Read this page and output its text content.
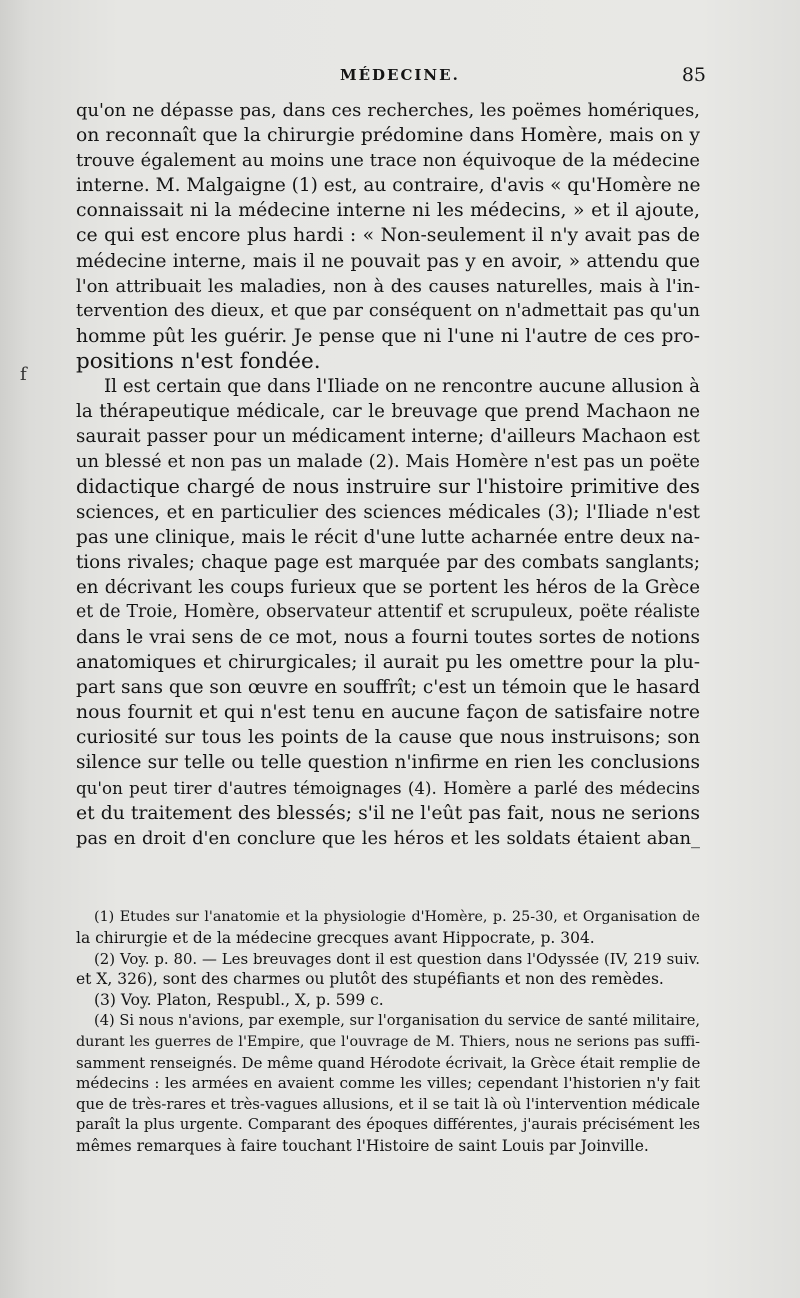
MÉDECINE.	85
f
qu'on ne dépasse pas, dans ces recherches, les poëmes homériques,
on reconnaît que la chirurgie prédomine dans Homère, mais on y
trouve également au moins une trace non équivoque de la médecine
interne. M. Malgaigne (1) est, au contraire, d'avis « qu'Homère ne
connaissait ni la médecine interne ni les médecins, » et il ajoute,
ce qui est encore plus hardi : « Non-seulement il n'y avait pas de
médecine interne, mais il ne pouvait pas y en avoir, » attendu que
l'on attribuait les maladies, non à des causes naturelles, mais à l'in-
tervention des dieux, et que par conséquent on n'admettait pas qu'un
homme pût les guérir. Je pense que ni l'une ni l'autre de ces pro-
positions n'est fondée.
Il est certain que dans l'Iliade on ne rencontre aucune allusion à
la thérapeutique médicale, car le breuvage que prend Machaon ne
saurait passer pour un médicament interne; d'ailleurs Machaon est
un blessé et non pas un malade (2). Mais Homère n'est pas un poëte
didactique chargé de nous instruire sur l'histoire primitive des
sciences, et en particulier des sciences médicales (3); l'Iliade n'est
pas une clinique, mais le récit d'une lutte acharnée entre deux na-
tions rivales; chaque page est marquée par des combats sanglants;
en décrivant les coups furieux que se portent les héros de la Grèce
et de Troie, Homère, observateur attentif et scrupuleux, poëte réaliste
dans le vrai sens de ce mot, nous a fourni toutes sortes de notions
anatomiques et chirurgicales; il aurait pu les omettre pour la plu-
part sans que son œuvre en souffrît; c'est un témoin que le hasard
nous fournit et qui n'est tenu en aucune façon de satisfaire notre
curiosité sur tous les points de la cause que nous instruisons; son
silence sur telle ou telle question n'infirme en rien les conclusions
qu'on peut tirer d'autres témoignages (4). Homère a parlé des médecins
et du traitement des blessés; s'il ne l'eût pas fait, nous ne serions
pas en droit d'en conclure que les héros et les soldats étaient aban_
(1) Etudes sur l'anatomie et la physiologie d'Homère, p. 25-30, et Organisation de
la chirurgie et de la médecine grecques avant Hippocrate, p. 304.
(2) Voy. p. 80. — Les breuvages dont il est question dans l'Odyssée (IV, 219 suiv.
et X, 326), sont des charmes ou plutôt des stupéfiants et non des remèdes.
(3) Voy. Platon, Respubl., X, p. 599 c.
(4) Si nous n'avions, par exemple, sur l'organisation du service de santé militaire,
durant les guerres de l'Empire, que l'ouvrage de M. Thiers, nous ne serions pas suffi-
samment renseignés. De même quand Hérodote écrivait, la Grèce était remplie de
médecins : les armées en avaient comme les villes; cependant l'historien n'y fait
que de très-rares et très-vagues allusions, et il se tait là où l'intervention médicale
paraît la plus urgente. Comparant des époques différentes, j'aurais précisément les
mêmes remarques à faire touchant l'Histoire de saint Louis par Joinville.
